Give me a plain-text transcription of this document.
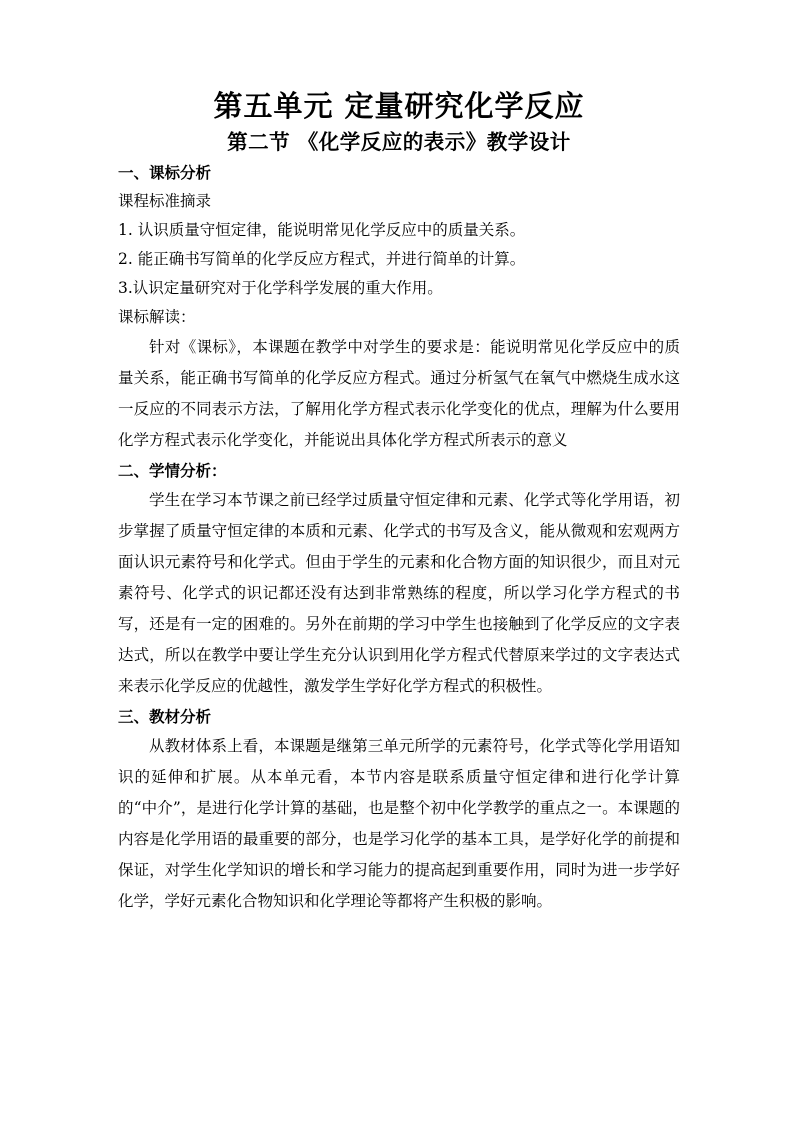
第五单元 定量研究化学反应
第二节 《化学反应的表示》教学设计

一、课标分析

课程标准摘录

1. 认识质量守恒定律，能说明常见化学反应中的质量关系。

2. 能正确书写简单的化学反应方程式，并进行简单的计算。

3.认识定量研究对于化学科学发展的重大作用。

课标解读：

针对《课标》，本课题在教学中对学生的要求是：能说明常见化学反应中的质量关系，能正确书写简单的化学反应方程式。通过分析氢气在氧气中燃烧生成水这一反应的不同表示方法，了解用化学方程式表示化学变化的优点，理解为什么要用化学方程式表示化学变化，并能说出具体化学方程式所表示的意义

二、学情分析：

学生在学习本节课之前已经学过质量守恒定律和元素、化学式等化学用语，初步掌握了质量守恒定律的本质和元素、化学式的书写及含义，能从微观和宏观两方面认识元素符号和化学式。但由于学生的元素和化合物方面的知识很少，而且对元素符号、化学式的识记都还没有达到非常熟练的程度，所以学习化学方程式的书写，还是有一定的困难的。另外在前期的学习中学生也接触到了化学反应的文字表达式，所以在教学中要让学生充分认识到用化学方程式代替原来学过的文字表达式来表示化学反应的优越性，激发学生学好化学方程式的积极性。

三、教材分析

从教材体系上看，本课题是继第三单元所学的元素符号，化学式等化学用语知识的延伸和扩展。从本单元看，本节内容是联系质量守恒定律和进行化学计算的“中介”，是进行化学计算的基础，也是整个初中化学教学的重点之一。本课题的内容是化学用语的最重要的部分，也是学习化学的基本工具，是学好化学的前提和保证，对学生化学知识的增长和学习能力的提高起到重要作用，同时为进一步学好化学，学好元素化合物知识和化学理论等都将产生积极的影响。
